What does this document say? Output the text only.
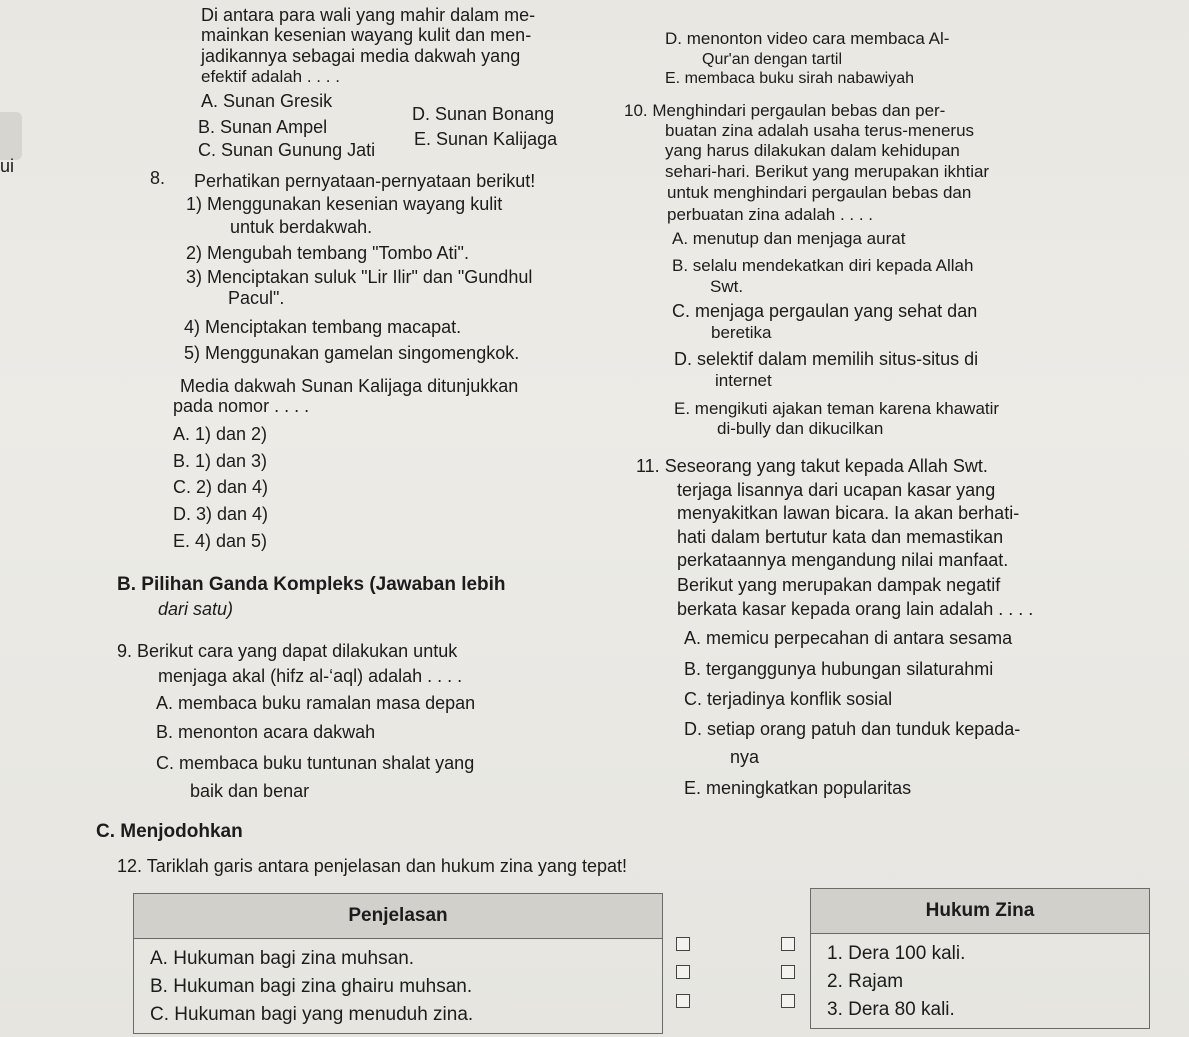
ui
Di antara para wali yang mahir dalam me-
mainkan kesenian wayang kulit dan men-
jadikannya sebagai media dakwah yang
efektif adalah . . . .
A. Sunan Gresik
D. Sunan Bonang
B. Sunan Ampel
E. Sunan Kalijaga
C. Sunan Gunung Jati
8. Perhatikan pernyataan-pernyataan berikut!
1) Menggunakan kesenian wayang kulit
untuk berdakwah.
2) Mengubah tembang "Tombo Ati".
3) Menciptakan suluk "Lir Ilir" dan "Gundhul
Pacul".
4) Menciptakan tembang macapat.
5) Menggunakan gamelan singomengkok.
Media dakwah Sunan Kalijaga ditunjukkan
pada nomor . . . .
A. 1) dan 2)
B. 1) dan 3)
C. 2) dan 4)
D. 3) dan 4)
E. 4) dan 5)
B. Pilihan Ganda Kompleks (Jawaban lebih
dari satu)
9. Berikut cara yang dapat dilakukan untuk
menjaga akal (hifz al-‘aql) adalah . . . .
A. membaca buku ramalan masa depan
B. menonton acara dakwah
C. membaca buku tuntunan shalat yang
baik dan benar
D. menonton video cara membaca Al-
Qur'an dengan tartil
E. membaca buku sirah nabawiyah
10. Menghindari pergaulan bebas dan per-
buatan zina adalah usaha terus-menerus
yang harus dilakukan dalam kehidupan
sehari-hari. Berikut yang merupakan ikhtiar
untuk menghindari pergaulan bebas dan
perbuatan zina adalah . . . .
A. menutup dan menjaga aurat
B. selalu mendekatkan diri kepada Allah
Swt.
C. menjaga pergaulan yang sehat dan
beretika
D. selektif dalam memilih situs-situs di
internet
E. mengikuti ajakan teman karena khawatir
di-bully dan dikucilkan
11. Seseorang yang takut kepada Allah Swt.
terjaga lisannya dari ucapan kasar yang
menyakitkan lawan bicara. Ia akan berhati-
hati dalam bertutur kata dan memastikan
perkataannya mengandung nilai manfaat.
Berikut yang merupakan dampak negatif
berkata kasar kepada orang lain adalah . . . .
A. memicu perpecahan di antara sesama
B. terganggunya hubungan silaturahmi
C. terjadinya konflik sosial
D. setiap orang patuh dan tunduk kepada-
nya
E. meningkatkan popularitas
C. Menjodohkan
12. Tariklah garis antara penjelasan dan hukum zina yang tepat!
Penjelasan
A. Hukuman bagi zina muhsan.
B. Hukuman bagi zina ghairu muhsan.
C. Hukuman bagi yang menuduh zina.
Hukum Zina
1. Dera 100 kali.
2. Rajam
3. Dera 80 kali.
